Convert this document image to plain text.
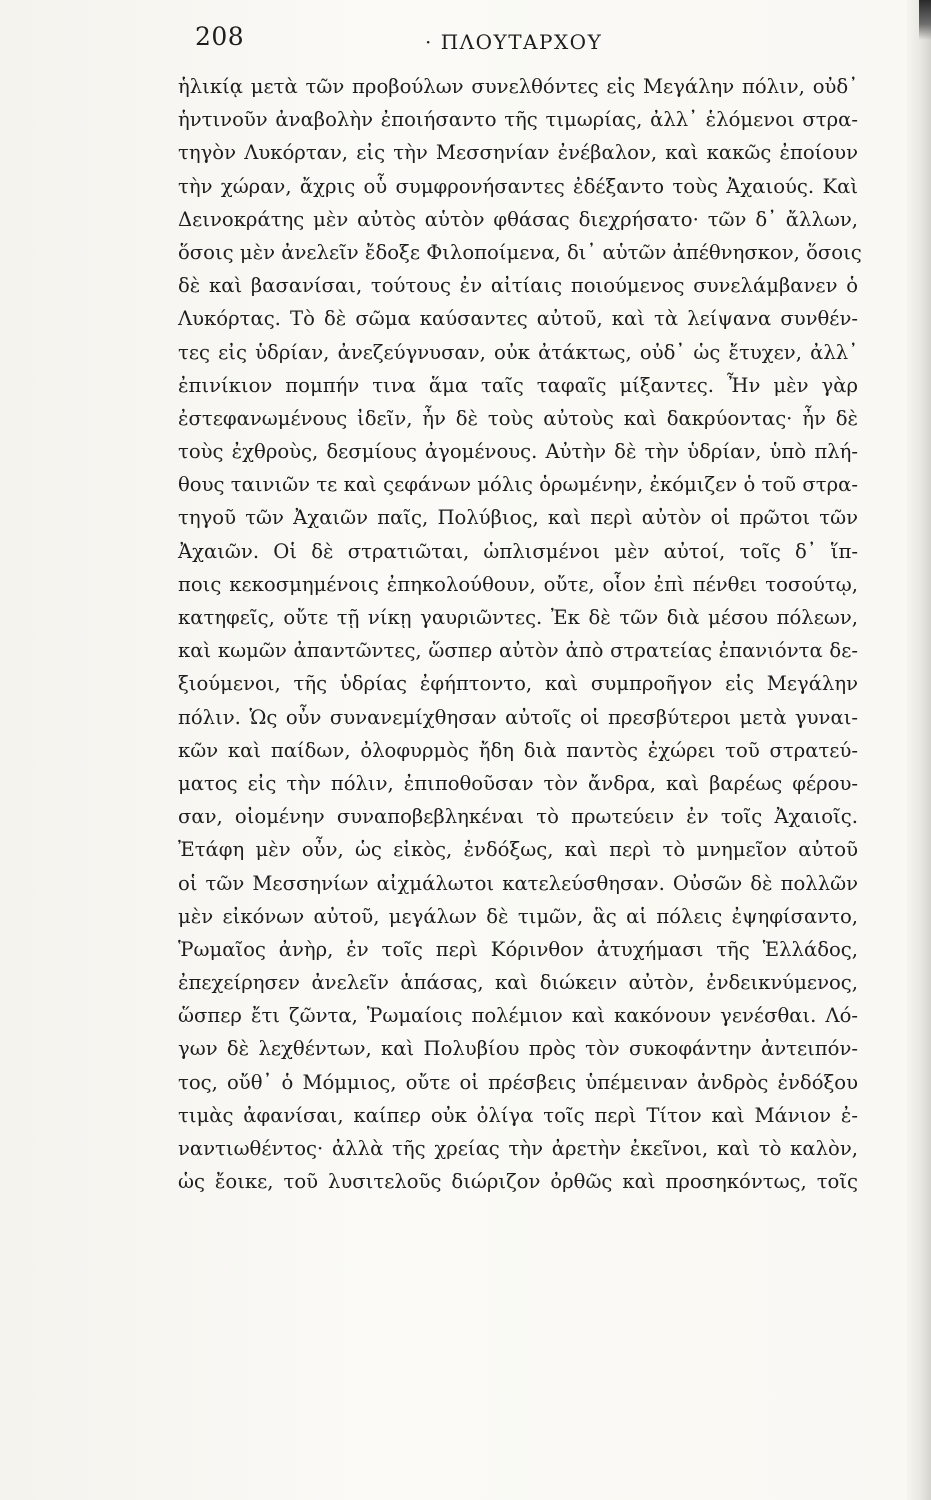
208	· ΠΛΟΥΤΑΡΧΟΥ
ἡλικίᾳ μετὰ τῶν προβούλων συνελθόντες εἰς Μεγάλην πόλιν, οὐδ᾽
ἡντινοῦν ἀναβολὴν ἐποιήσαντο τῆς τιμωρίας, ἀλλ᾽ ἑλόμενοι στρα-
τηγὸν Λυκόρταν, εἰς τὴν Μεσσηνίαν ἐνέβαλον, καὶ κακῶς ἐποίουν
τὴν χώραν, ἄχρις οὗ συμφρονήσαντες ἐδέξαντο τοὺς Ἀχαιούς. Καὶ
Δεινοκράτης μὲν αὐτὸς αὑτὸν φθάσας διεχρήσατο· τῶν δ᾽ ἄλλων,
ὅσοις μὲν ἀνελεῖν ἔδοξε Φιλοποίμενα, δι᾽ αὑτῶν ἀπέθνησκον, ὅσοις
δὲ καὶ βασανίσαι, τούτους ἐν αἰτίαις ποιούμενος συνελάμβανεν ὁ
Λυκόρτας. Τὸ δὲ σῶμα καύσαντες αὐτοῦ, καὶ τὰ λείψανα συνθέν-
τες εἰς ὑδρίαν, ἀνεζεύγνυσαν, οὐκ ἀτάκτως, οὐδ᾽ ὡς ἔτυχεν, ἀλλ᾽
ἐπινίκιον πομπήν τινα ἅμα ταῖς ταφαῖς μίξαντες. Ἦν μὲν γὰρ
ἐστεφανωμένους ἰδεῖν, ἦν δὲ τοὺς αὐτοὺς καὶ δακρύοντας· ἦν δὲ
τοὺς ἐχθροὺς, δεσμίους ἀγομένους. Αὐτὴν δὲ τὴν ὑδρίαν, ὑπὸ πλή-
θους ταινιῶν τε καὶ ςεφάνων μόλις ὁρωμένην, ἐκόμιζεν ὁ τοῦ στρα-
τηγοῦ τῶν Ἀχαιῶν παῖς, Πολύβιος, καὶ περὶ αὐτὸν οἱ πρῶτοι τῶν
Ἀχαιῶν. Οἱ δὲ στρατιῶται, ὡπλισμένοι μὲν αὐτοί, τοῖς δ᾽ ἵπ-
ποις κεκοσμημένοις ἐπηκολούθουν, οὔτε, οἷον ἐπὶ πένθει τοσούτῳ,
κατηφεῖς, οὔτε τῇ νίκῃ γαυριῶντες. Ἐκ δὲ τῶν διὰ μέσου πόλεων,
καὶ κωμῶν ἀπαντῶντες, ὥσπερ αὐτὸν ἀπὸ στρατείας ἐπανιόντα δε-
ξιούμενοι, τῆς ὑδρίας ἐφήπτοντο, καὶ συμπροῆγον εἰς Μεγάλην
πόλιν. Ὡς οὖν συνανεμίχθησαν αὐτοῖς οἱ πρεσβύτεροι μετὰ γυναι-
κῶν καὶ παίδων, ὀλοφυρμὸς ἤδη διὰ παντὸς ἐχώρει τοῦ στρατεύ-
ματος εἰς τὴν πόλιν, ἐπιποθοῦσαν τὸν ἄνδρα, καὶ βαρέως φέρου-
σαν, οἰομένην συναποβεβληκέναι τὸ πρωτεύειν ἐν τοῖς Ἀχαιοῖς.
Ἐτάφη μὲν οὖν, ὡς εἰκὸς, ἐνδόξως, καὶ περὶ τὸ μνημεῖον αὐτοῦ
οἱ τῶν Μεσσηνίων αἰχμάλωτοι κατελεύσθησαν. Οὐσῶν δὲ πολλῶν
μὲν εἰκόνων αὐτοῦ, μεγάλων δὲ τιμῶν, ἃς αἱ πόλεις ἐψηφίσαντο,
Ῥωμαῖος ἀνὴρ, ἐν τοῖς περὶ Κόρινθον ἀτυχήμασι τῆς Ἑλλάδος,
ἐπεχείρησεν ἀνελεῖν ἁπάσας, καὶ διώκειν αὐτὸν, ἐνδεικνύμενος,
ὥσπερ ἔτι ζῶντα, Ῥωμαίοις πολέμιον καὶ κακόνουν γενέσθαι. Λό-
γων δὲ λεχθέντων, καὶ Πολυβίου πρὸς τὸν συκοφάντην ἀντειπόν-
τος, οὔθ᾽ ὁ Μόμμιος, οὔτε οἱ πρέσβεις ὑπέμειναν ἀνδρὸς ἐνδόξου
τιμὰς ἀφανίσαι, καίπερ οὐκ ὀλίγα τοῖς περὶ Τίτον καὶ Μάνιον ἐ-
ναντιωθέντος· ἀλλὰ τῆς χρείας τὴν ἀρετὴν ἐκεῖνοι, καὶ τὸ καλὸν,
ὡς ἔοικε, τοῦ λυσιτελοῦς διώριζον ὀρθῶς καὶ προσηκόντως, τοῖς
